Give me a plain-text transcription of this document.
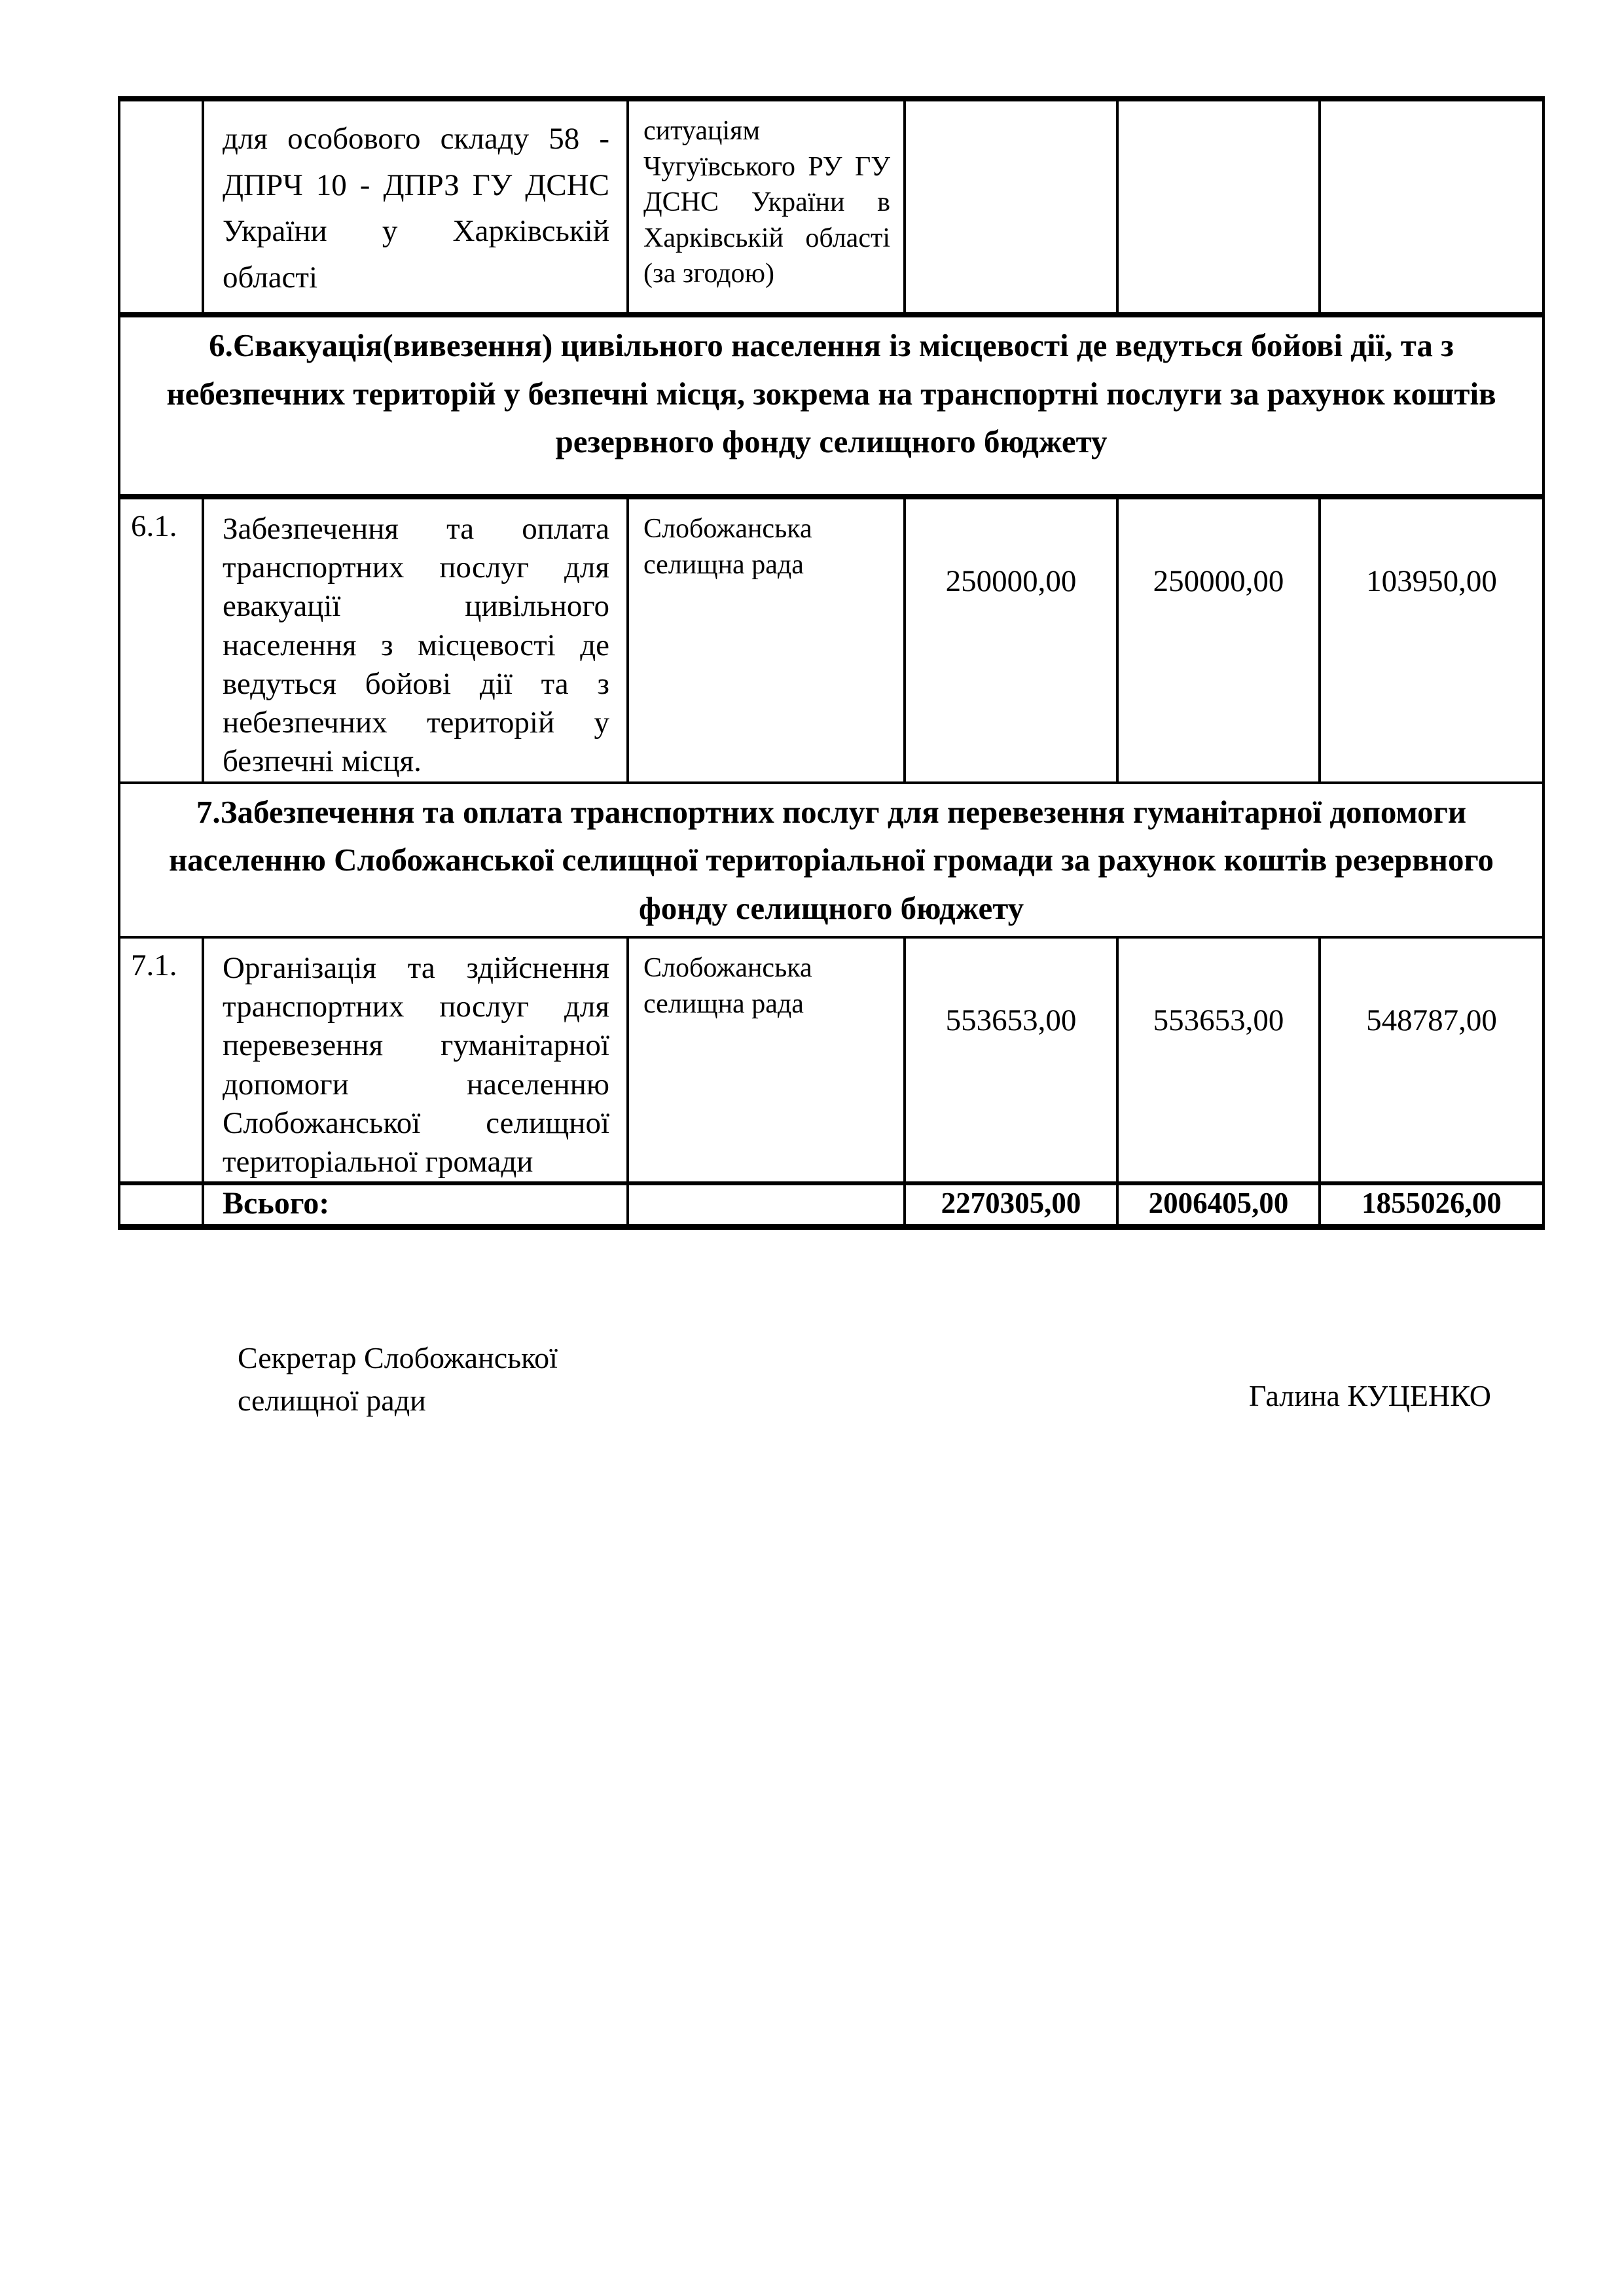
	для особового складу 58 - ДПРЧ 10 - ДПРЗ ГУ ДСНС України у Харківській області	ситуаціям Чугуївського РУ ГУ ДСНС України в Харківській області (за згодою)			
6.Євакуація(вивезення) цивільного населення із місцевості де ведуться бойові дії, та з небезпечних територій у безпечні місця, зокрема на транспортні послуги за рахунок коштів резервного фонду селищного бюджету					
6.1.	Забезпечення та оплата транспортних послуг для евакуації цивільного населення з місцевості де ведуться бойові дії та з небезпечних територій у безпечні місця.	Слобожанська селищна рада	250000,00	250000,00	103950,00
7.Забезпечення та оплата транспортних послуг для перевезення гуманітарної допомоги населенню Слобожанської селищної територіальної громади за рахунок коштів резервного фонду селищного бюджету					
7.1.	Організація та здійснення транспортних послуг для перевезення гуманітарної допомоги населенню Слобожанської селищної територіальної громади	Слобожанська селищна рада	553653,00	553653,00	548787,00
	Всього:		2270305,00	2006405,00	1855026,00
Секретар Слобожанської селищної ради	Галина КУЦЕНКО
